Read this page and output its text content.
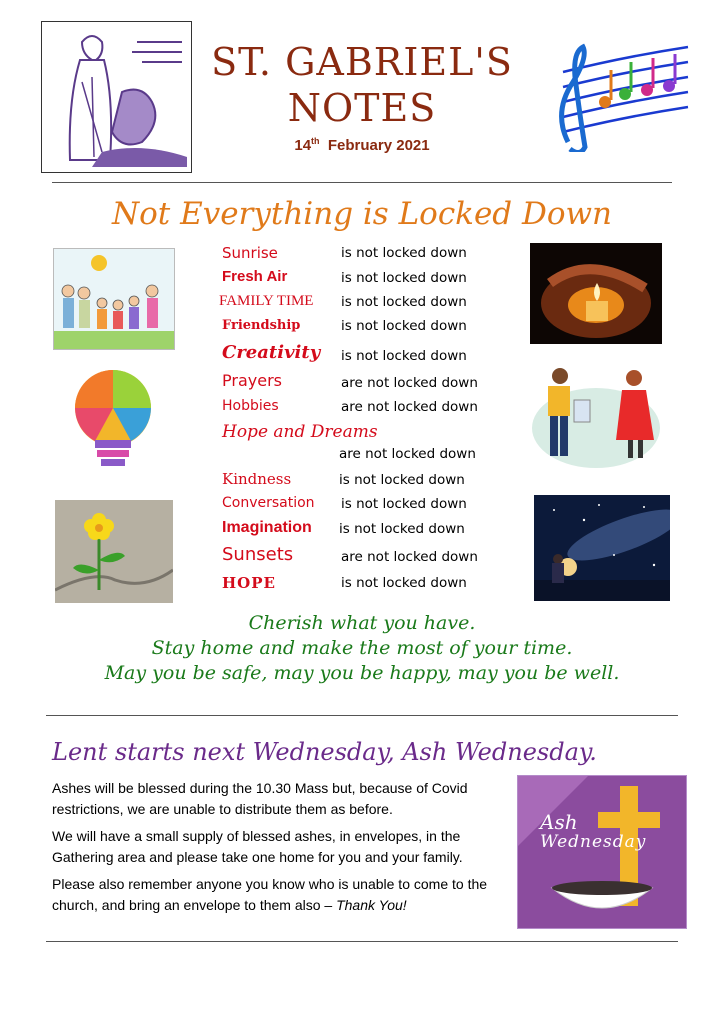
ST. GABRIEL'S
NOTES
14th February 2021
Not Everything is Locked Down
Sunrise	is not locked down
Fresh Air	is not locked down
FAMILY TIME is not locked down
Friendship	is not locked down
Creativity is not locked down
Prayers	are not locked down
Hobbies	are not locked down
Hope and Dreams
are not locked down
Kindness	is not locked down
Conversation is not locked down
Imagination is not locked down
Sunsets	are not locked down
HOPE	is not locked down
Cherish what you have.
Stay home and make the most of your time.
May you be safe, may you be happy, may you be well.
Lent starts next Wednesday, Ash Wednesday.
Ashes will be blessed during the 10.30 Mass but, because of Covid restrictions, we are unable to distribute them as before.
We will have a small supply of blessed ashes, in envelopes, in the Gathering area and please take one home for you and your family.
Please also remember anyone you know who is unable to come to the church, and bring an envelope to them also – Thank You!
Ash
Wednesday
